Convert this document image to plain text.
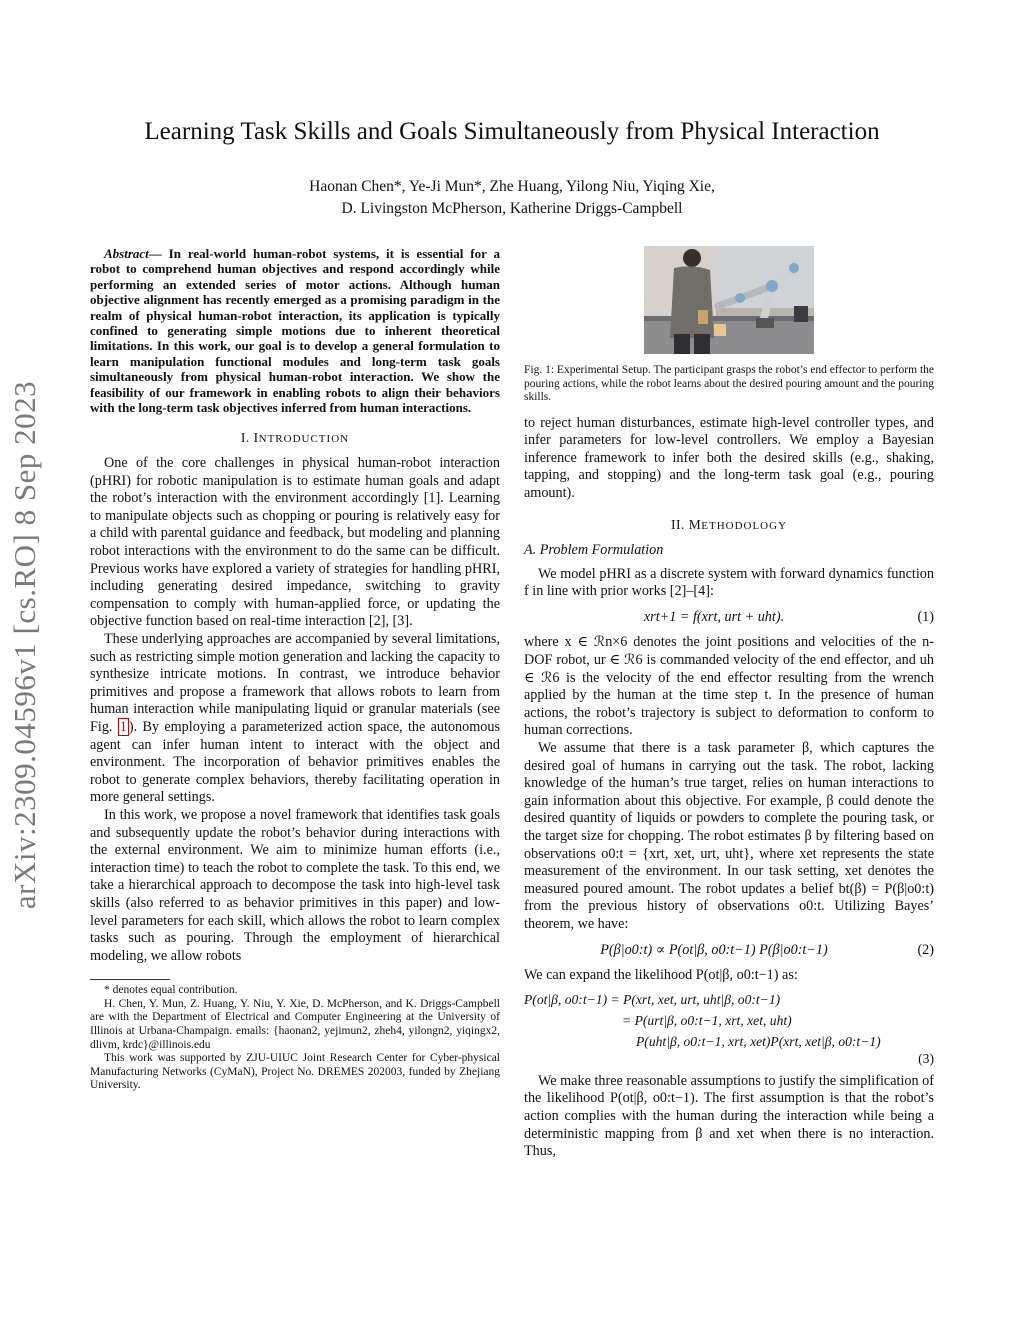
arXiv:2309.04596v1 [cs.RO] 8 Sep 2023
Learning Task Skills and Goals Simultaneously from Physical Interaction
Haonan Chen*, Ye-Ji Mun*, Zhe Huang, Yilong Niu, Yiqing Xie,
D. Livingston McPherson, Katherine Driggs-Campbell

Abstract— In real-world human-robot systems, it is essential for a robot to comprehend human objectives and respond accordingly while performing an extended series of motor actions. Although human objective alignment has recently emerged as a promising paradigm in the realm of physical human-robot interaction, its application is typically confined to generating simple motions due to inherent theoretical limitations. In this work, our goal is to develop a general formulation to learn manipulation functional modules and long-term task goals simultaneously from physical human-robot interaction. We show the feasibility of our framework in enabling robots to align their behaviors with the long-term task objectives inferred from human interactions.

I. INTRODUCTION

One of the core challenges in physical human-robot interaction (pHRI) for robotic manipulation is to estimate human goals and adapt the robot’s interaction with the environment accordingly [1]. Learning to manipulate objects such as chopping or pouring is relatively easy for a child with parental guidance and feedback, but modeling and planning robot interactions with the environment to do the same can be difficult. Previous works have explored a variety of strategies for handling pHRI, including generating desired impedance, switching to gravity compensation to comply with human-applied force, or updating the objective function based on real-time interaction [2], [3].

These underlying approaches are accompanied by several limitations, such as restricting simple motion generation and lacking the capacity to synthesize intricate motions. In contrast, we introduce behavior primitives and propose a framework that allows robots to learn from human interaction while manipulating liquid or granular materials (see Fig. 1 ). By employing a parameterized action space, the autonomous agent can infer human intent to interact with the object and environment. The incorporation of behavior primitives enables the robot to generate complex behaviors, thereby facilitating operation in more general settings.

In this work, we propose a novel framework that identifies task goals and subsequently update the robot’s behavior during interactions with the external environment. We aim to minimize human efforts (i.e., interaction time) to teach the robot to complete the task. To this end, we take a hierarchical approach to decompose the task into high-level task skills (also referred to as behavior primitives in this paper) and low-level parameters for each skill, which allows the robot to learn complex tasks such as pouring. Through the employment of hierarchical modeling, we allow robots

* denotes equal contribution.

H. Chen, Y. Mun, Z. Huang, Y. Niu, Y. Xie, D. McPherson, and K. Driggs-Campbell are with the Department of Electrical and Computer Engineering at the University of Illinois at Urbana-Champaign. emails: {haonan2, yejimun2, zheh4, yilongn2, yiqingx2, dlivm, krdc}@illinois.edu

This work was supported by ZJU-UIUC Joint Research Center for Cyber-physical Manufacturing Networks (CyMaN), Project No. DREMES 202003, funded by Zhejiang University.

Fig. 1: Experimental Setup. The participant grasps the robot’s end effector to perform the pouring actions, while the robot learns about the desired pouring amount and the pouring skills.

to reject human disturbances, estimate high-level controller types, and infer parameters for low-level controllers. We employ a Bayesian inference framework to infer both the desired skills (e.g., shaking, tapping, and stopping) and the long-term task goal (e.g., pouring amount).

II. METHODOLOGY
A. Problem Formulation

We model pHRI as a discrete system with forward dynamics function f in line with prior works [2]–[4]:

xrt+1 = f(xrt, urt + uht).	(1)

where x ∈ ℛn×6 denotes the joint positions and velocities of the n-DOF robot, ur ∈ ℛ6 is commanded velocity of the end effector, and uh ∈ ℛ6 is the velocity of the end effector resulting from the wrench applied by the human at the time step t. In the presence of human actions, the robot’s trajectory is subject to deformation to conform to human corrections.

We assume that there is a task parameter β, which captures the desired goal of humans in carrying out the task. The robot, lacking knowledge of the human’s true target, relies on human interactions to gain information about this objective. For example, β could denote the desired quantity of liquids or powders to complete the pouring task, or the target size for chopping. The robot estimates β by filtering based on observations o0:t = {xrt, xet, urt, uht}, where xet represents the state measurement of the environment. In our task setting, xet denotes the measured poured amount. The robot updates a belief bt(β) = P(β|o0:t) from the previous history of observations o0:t. Utilizing Bayes’ theorem, we have:

P(β|o0:t) ∝ P(ot|β, o0:t−1) P(β|o0:t−1)	(2)

We can expand the likelihood P(ot|β, o0:t−1) as:

P(ot|β, o0:t−1) = P(xrt, xet, urt, uht|β, o0:t−1)
= P(urt|β, o0:t−1, xrt, xet, uht)
P(uht|β, o0:t−1, xrt, xet)P(xrt, xet|β, o0:t−1)
(3)

We make three reasonable assumptions to justify the simplification of the likelihood P(ot|β, o0:t−1). The first assumption is that the robot’s action complies with the human during the interaction while being a deterministic mapping from β and xet when there is no interaction. Thus,
